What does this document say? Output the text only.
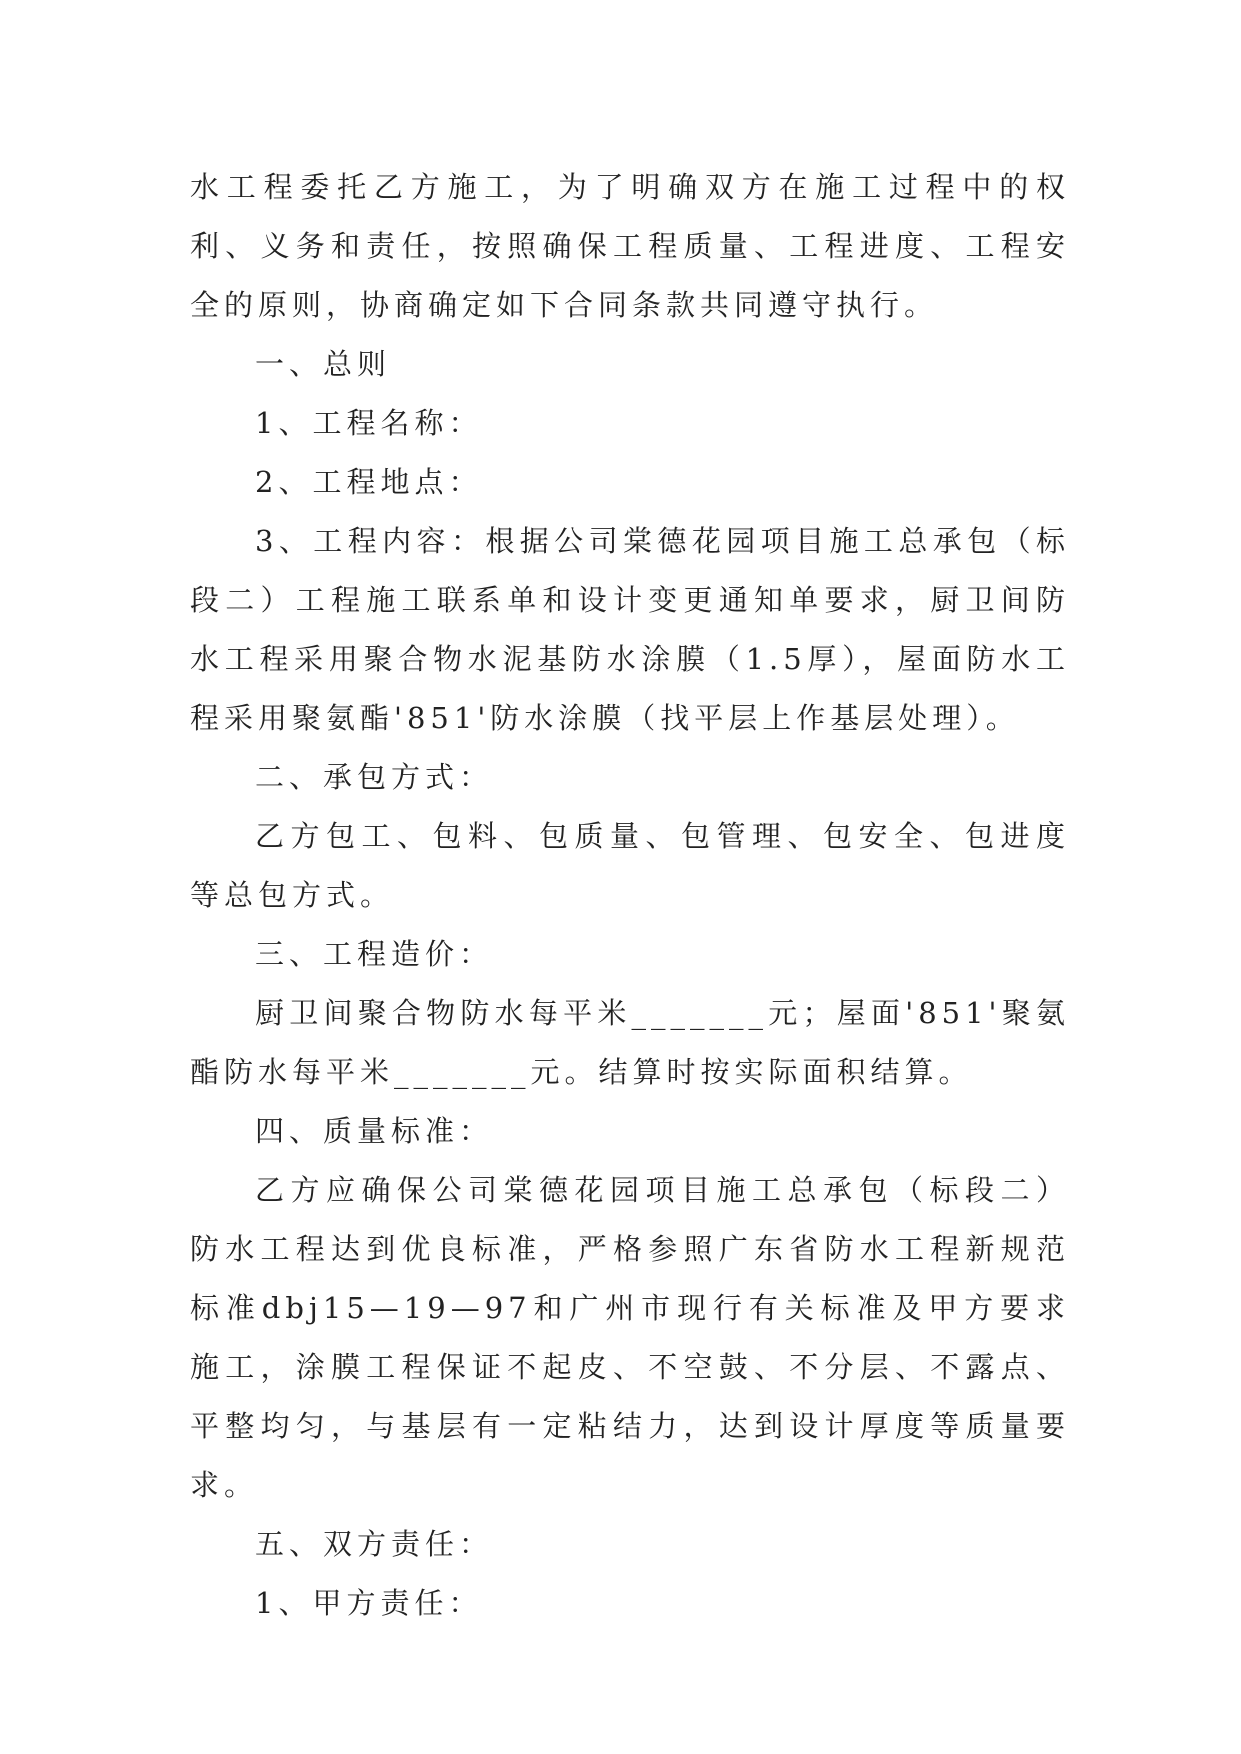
水工程委托乙方施工，为了明确双方在施工过程中的权利、义务和责任，按照确保工程质量、工程进度、工程安全的原则，协商确定如下合同条款共同遵守执行。

一、总则

1、工程名称：

2、工程地点：

3、工程内容：根据公司棠德花园项目施工总承包（标段二）工程施工联系单和设计变更通知单要求，厨卫间防水工程采用聚合物水泥基防水涂膜（1.5厚），屋面防水工程采用聚氨酯'851'防水涂膜（找平层上作基层处理）。

二、承包方式：

乙方包工、包料、包质量、包管理、包安全、包进度等总包方式。

三、工程造价：

厨卫间聚合物防水每平米_______元；屋面'851'聚氨酯防水每平米_______元。结算时按实际面积结算。

四、质量标准：

乙方应确保公司棠德花园项目施工总承包（标段二）防水工程达到优良标准，严格参照广东省防水工程新规范标准dbj15—19—97和广州市现行有关标准及甲方要求施工，涂膜工程保证不起皮、不空鼓、不分层、不露点、平整均匀，与基层有一定粘结力，达到设计厚度等质量要求。

五、双方责任：

1、甲方责任：
